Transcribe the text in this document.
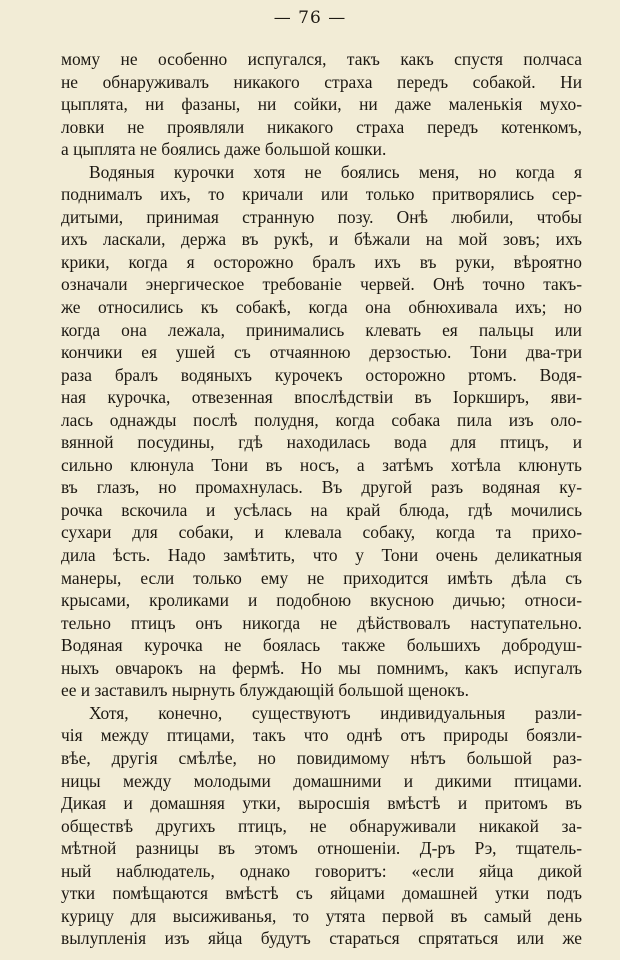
— 76 —
мому не особенно испугался, такъ какъ спустя полчаса
не обнаруживалъ никакого страха передъ собакой. Ни
цыплята, ни фазаны, ни сойки, ни даже маленькія мухо-
ловки не проявляли никакого страха передъ котенкомъ,
а цыплята не боялись даже большой кошки.
Водяныя курочки хотя не боялись меня, но когда я
поднималъ ихъ, то кричали или только притворялись сер-
дитыми, принимая странную позу. Онѣ любили, чтобы
ихъ ласкали, держа въ рукѣ, и бѣжали на мой зовъ; ихъ
крики, когда я осторожно бралъ ихъ въ руки, вѣроятно
означали энергическое требованіе червей. Онѣ точно такъ-
же относились къ собакѣ, когда она обнюхивала ихъ; но
когда она лежала, принимались клевать ея пальцы или
кончики ея ушей съ отчаянною дерзостью. Тони два-три
раза бралъ водяныхъ курочекъ осторожно ртомъ. Водя-
ная курочка, отвезенная впослѣдствіи въ Іоркширъ, яви-
лась однажды послѣ полудня, когда собака пила изъ оло-
вянной посудины, гдѣ находилась вода для птицъ, и
сильно клюнула Тони въ носъ, а затѣмъ хотѣла клюнуть
въ глазъ, но промахнулась. Въ другой разъ водяная ку-
рочка вскочила и усѣлась на край блюда, гдѣ мочились
сухари для собаки, и клевала собаку, когда та прихо-
дила ѣсть. Надо замѣтить, что у Тони очень деликатныя
манеры, если только ему не приходится имѣть дѣла съ
крысами, кроликами и подобною вкусною дичью; относи-
тельно птицъ онъ никогда не дѣйствовалъ наступательно.
Водяная курочка не боялась также большихъ добродуш-
ныхъ овчарокъ на фермѣ. Но мы помнимъ, какъ испугалъ
ее и заставилъ нырнуть блуждающій большой щенокъ.
Хотя, конечно, существуютъ индивидуальныя разли-
чія между птицами, такъ что однѣ отъ природы боязли-
вѣе, другія смѣлѣе, но повидимому нѣтъ большой раз-
ницы между молодыми домашними и дикими птицами.
Дикая и домашняя утки, выросшія вмѣстѣ и притомъ въ
обществѣ другихъ птицъ, не обнаруживали никакой за-
мѣтной разницы въ этомъ отношеніи. Д-ръ Рэ, тщатель-
ный наблюдатель, однако говоритъ: «если яйца дикой
утки помѣщаются вмѣстѣ съ яйцами домашней утки подъ
курицу для высиживанья, то утята первой въ самый день
вылупленія изъ яйца будутъ стараться спрятаться или же
